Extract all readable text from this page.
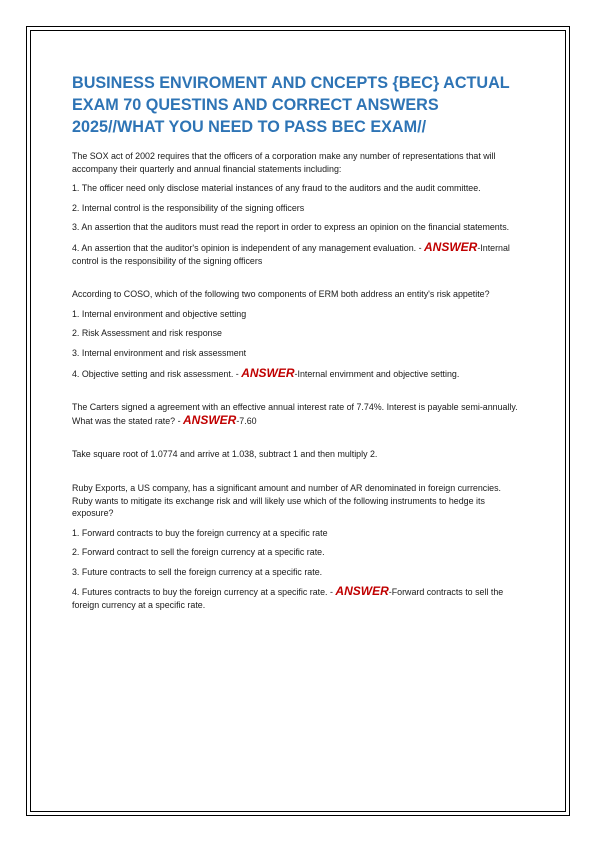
BUSINESS ENVIROMENT AND CNCEPTS {BEC} ACTUAL EXAM 70 QUESTINS AND CORRECT ANSWERS 2025//WHAT YOU NEED TO PASS BEC EXAM//

The SOX act of 2002 requires that the officers of a corporation make any number of representations that will accompany their quarterly and annual financial statements including:

1. The officer need only disclose material instances of any fraud to the auditors and the audit committee.

2. Internal control is the responsibility of the signing officers

3. An assertion that the auditors must read the report in order to express an opinion on the financial statements.

4. An assertion that the auditor's opinion is independent of any management evaluation. - ANSWER-Internal control is the responsibility of the signing officers

According to COSO, which of the following two components of ERM both address an entity's risk appetite?

1. Internal environment and objective setting

2. Risk Assessment and risk response

3. Internal environment and risk assessment

4. Objective setting and risk assessment. - ANSWER-Internal envirnment and objective setting.

The Carters signed a agreement with an effective annual interest rate of 7.74%. Interest is payable semi-annually. What was the stated rate? - ANSWER-7.60

Take square root of 1.0774 and arrive at 1.038, subtract 1 and then multiply 2.

Ruby Exports, a US company, has a significant amount and number of AR denominated in foreign currencies. Ruby wants to mitigate its exchange risk and will likely use which of the following instruments to hedge its exposure?

1. Forward contracts to buy the foreign currency at a specific rate

2. Forward contract to sell the foreign currency at a specific rate.

3. Future contracts to sell the foreign currency at a specific rate.

4. Futures contracts to buy the foreign currency at a specific rate. - ANSWER-Forward contracts to sell the foreign currency at a specific rate.
